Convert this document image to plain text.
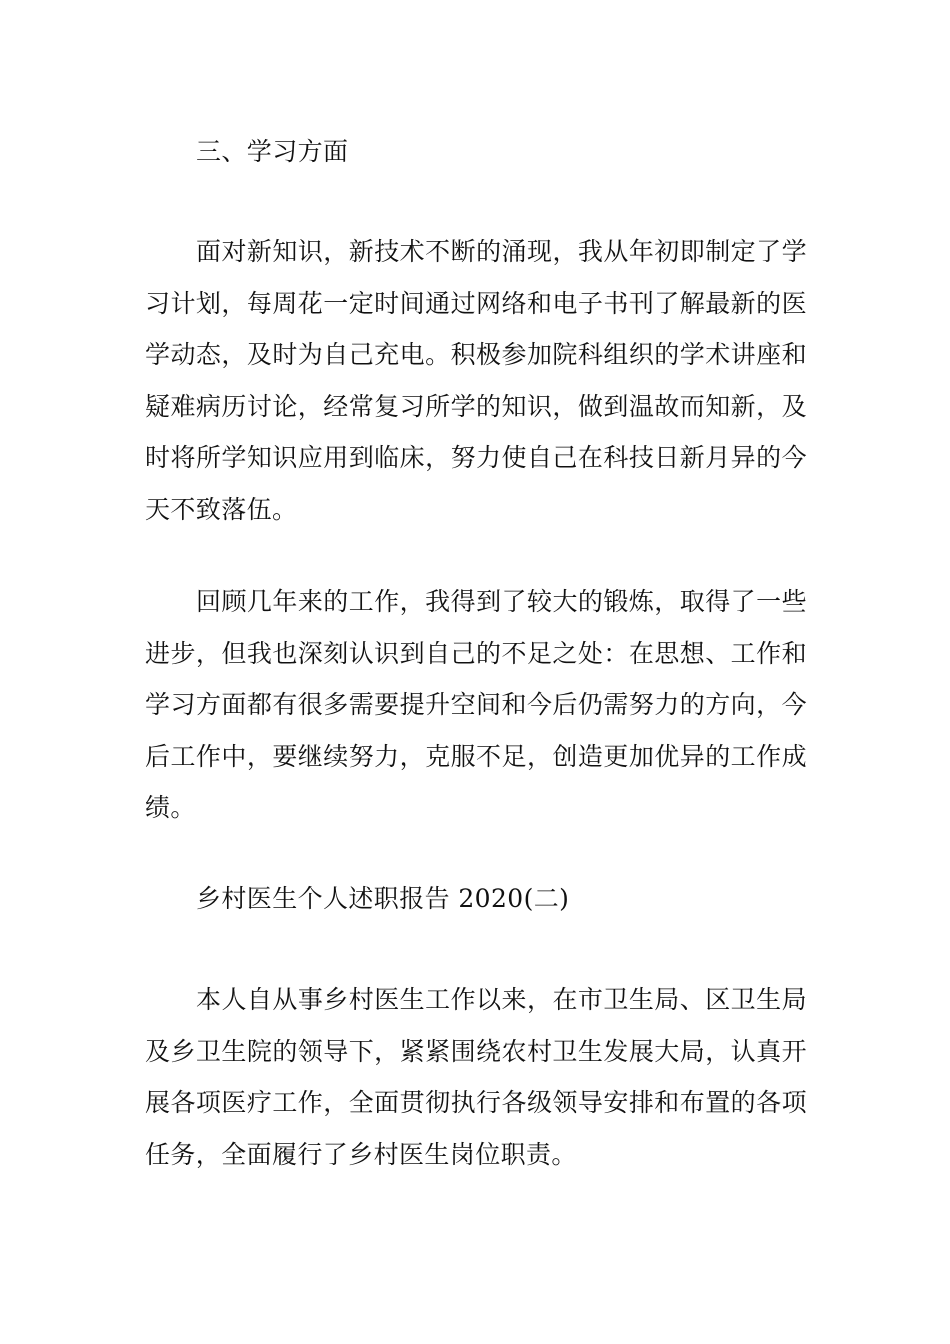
三、学习方面

面对新知识，新技术不断的涌现，我从年初即制定了学习计划，每周花一定时间通过网络和电子书刊了解最新的医学动态，及时为自己充电。积极参加院科组织的学术讲座和疑难病历讨论，经常复习所学的知识，做到温故而知新，及时将所学知识应用到临床，努力使自己在科技日新月异的今天不致落伍。

回顾几年来的工作，我得到了较大的锻炼，取得了一些进步，但我也深刻认识到自己的不足之处：在思想、工作和学习方面都有很多需要提升空间和今后仍需努力的方向，今后工作中，要继续努力，克服不足，创造更加优异的工作成绩。

乡村医生个人述职报告 2020(二)

本人自从事乡村医生工作以来，在市卫生局、区卫生局及乡卫生院的领导下，紧紧围绕农村卫生发展大局，认真开展各项医疗工作，全面贯彻执行各级领导安排和布置的各项任务，全面履行了乡村医生岗位职责。
